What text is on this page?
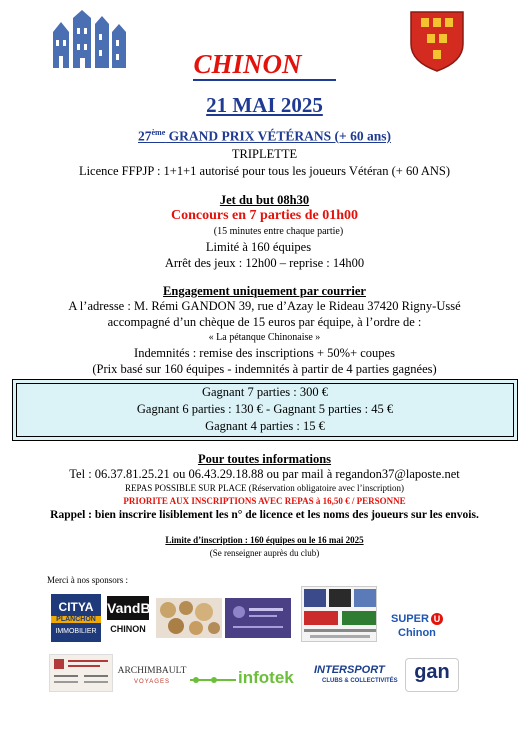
CHINON
21 MAI 2025
27ème GRAND PRIX VÉTÉRANS (+ 60 ans)
TRIPLETTE
Licence FFPJP : 1+1+1 autorisé pour tous les joueurs Vétéran (+ 60 ANS)
Jet du but 08h30
Concours en 7 parties de 01h00
(15 minutes entre chaque partie)
Limité à 160 équipes
Arrêt des jeux : 12h00 – reprise : 14h00
Engagement uniquement par courrier
A l’adresse : M. Rémi GANDON 39, rue d’Azay le Rideau 37420 Rigny-Ussé
accompagné d’un chèque de 15 euros par équipe, à l’ordre de :
« La pétanque Chinonaise »
Indemnités : remise des inscriptions + 50%+ coupes
(Prix basé sur 160 équipes - indemnités à partir de 4 parties gagnées)
Gagnant 7 parties : 300 €
Gagnant 6 parties : 130 € - Gagnant 5 parties : 45 €
Gagnant 4 parties : 15 €
Pour toutes informations
Tel : 06.37.81.25.21 ou 06.43.29.18.88 ou par mail à regandon37@laposte.net
REPAS POSSIBLE SUR PLACE (Réservation obligatoire avec l’inscription)
PRIORITE AUX INSCRIPTIONS AVEC REPAS à 16,50 € / PERSONNE
Rappel : bien inscrire lisiblement les n° de licence et les noms des joueurs sur les envois.
Limite d’inscription : 160 équipes ou le 16 mai 2025
(Se renseigner auprès du club)
Merci à nos sponsors :
CITYA
PLANCHON
IMMOBILIER
VandB
CHINON
SUPER U
Chinon
ARCHIMBAULT
VOYAGES	infotek INTERSPORT
CLUBS & COLLECTIVITÉS gan
